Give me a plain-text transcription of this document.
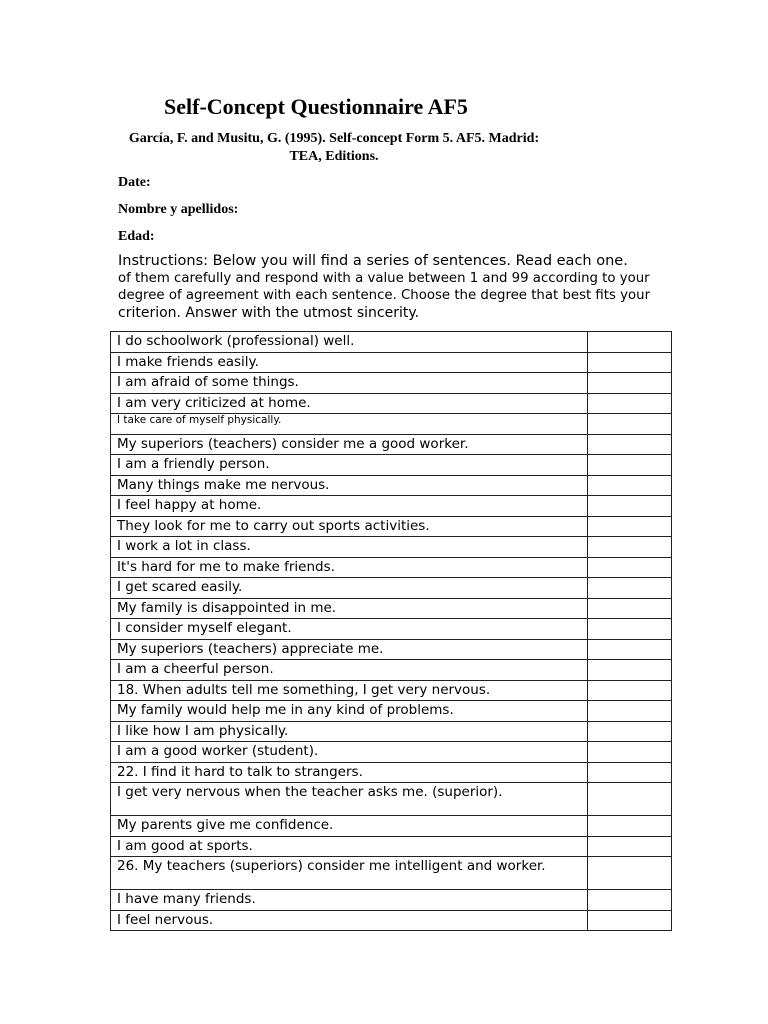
Self-Concept Questionnaire AF5
García, F. and Musitu, G. (1995). Self-concept Form 5. AF5. Madrid: TEA, Editions.
Date:
Nombre y apellidos:
Edad:
Instructions: Below you will find a series of sentences. Read each one.
of them carefully and respond with a value between 1 and 99 according to your
degree of agreement with each sentence. Choose the degree that best fits your
criterion. Answer with the utmost sincerity.
I do schoolwork (professional) well.	
I make friends easily.	
I am afraid of some things.	
I am very criticized at home.	
I take care of myself physically.	
My superiors (teachers) consider me a good worker.	
I am a friendly person.	
Many things make me nervous.	
I feel happy at home.	
They look for me to carry out sports activities.	
I work a lot in class.	
It's hard for me to make friends.	
I get scared easily.	
My family is disappointed in me.	
I consider myself elegant.	
My superiors (teachers) appreciate me.	
I am a cheerful person.	
18. When adults tell me something, I get very nervous.	
My family would help me in any kind of problems.	
I like how I am physically.	
I am a good worker (student).	
22. I find it hard to talk to strangers.	
I get very nervous when the teacher asks me. (superior).	
My parents give me confidence.	
I am good at sports.	
26. My teachers (superiors) consider me intelligent and worker.	
I have many friends.	
I feel nervous.	
